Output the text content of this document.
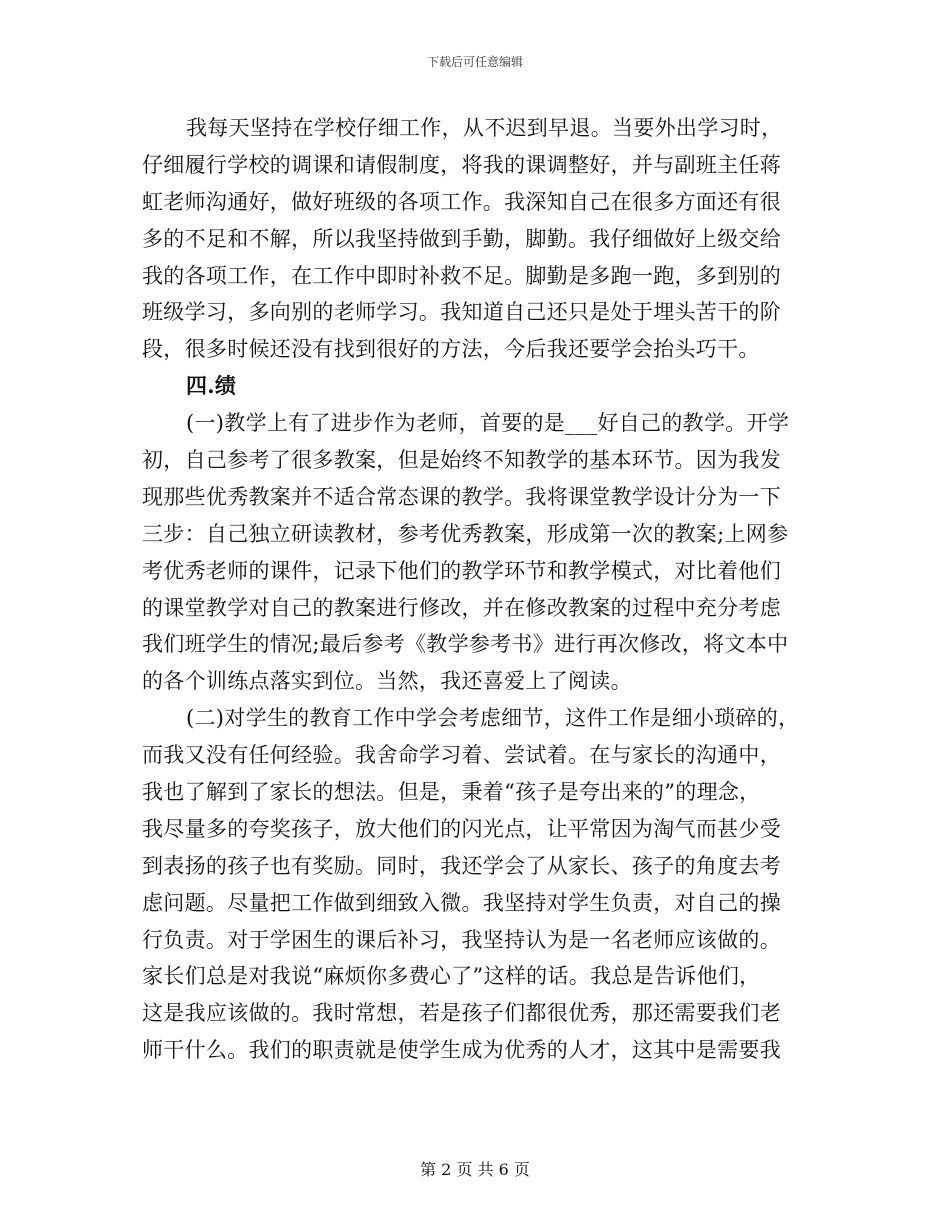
下载后可任意编辑
我每天坚持在学校仔细工作，从不迟到早退。当要外出学习时，
仔细履行学校的调课和请假制度，将我的课调整好，并与副班主任蒋
虹老师沟通好，做好班级的各项工作。我深知自己在很多方面还有很
多的不足和不解，所以我坚持做到手勤，脚勤。我仔细做好上级交给
我的各项工作，在工作中即时补救不足。脚勤是多跑一跑，多到别的
班级学习，多向别的老师学习。我知道自己还只是处于埋头苦干的阶
段，很多时候还没有找到很好的方法，今后我还要学会抬头巧干。
四.绩
(一)教学上有了进步作为老师，首要的是___好自己的教学。开学
初，自己参考了很多教案，但是始终不知教学的基本环节。因为我发
现那些优秀教案并不适合常态课的教学。我将课堂教学设计分为一下
三步：自己独立研读教材，参考优秀教案，形成第一次的教案;上网参
考优秀老师的课件，记录下他们的教学环节和教学模式，对比着他们
的课堂教学对自己的教案进行修改，并在修改教案的过程中充分考虑
我们班学生的情况;最后参考《教学参考书》进行再次修改，将文本中
的各个训练点落实到位。当然，我还喜爱上了阅读。
(二)对学生的教育工作中学会考虑细节，这件工作是细小琐碎的，
而我又没有任何经验。我舍命学习着、尝试着。在与家长的沟通中，
我也了解到了家长的想法。但是，秉着“孩子是夸出来的”的理念，
我尽量多的夸奖孩子，放大他们的闪光点，让平常因为淘气而甚少受
到表扬的孩子也有奖励。同时，我还学会了从家长、孩子的角度去考
虑问题。尽量把工作做到细致入微。我坚持对学生负责，对自己的操
行负责。对于学困生的课后补习，我坚持认为是一名老师应该做的。
家长们总是对我说“麻烦你多费心了”这样的话。我总是告诉他们，
这是我应该做的。我时常想，若是孩子们都很优秀，那还需要我们老
师干什么。我们的职责就是使学生成为优秀的人才，这其中是需要我
第 2 页 共 6 页
